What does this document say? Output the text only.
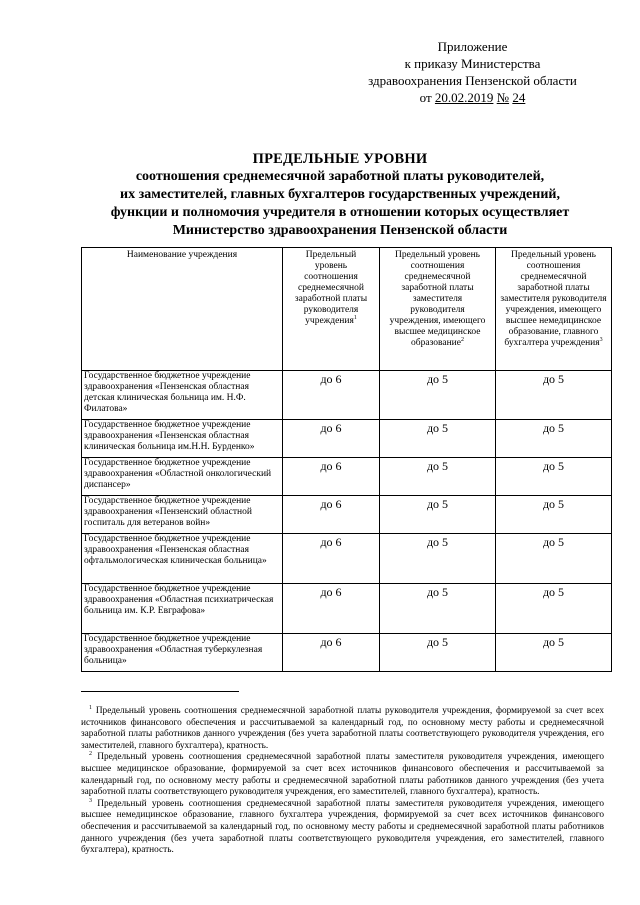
Приложение
к приказу Министерства
здравоохранения Пензенской области
от 20.02.2019 № 24
ПРЕДЕЛЬНЫЕ УРОВНИ
соотношения среднемесячной заработной платы руководителей,
их заместителей, главных бухгалтеров государственных учреждений,
функции и полномочия учредителя в отношении которых осуществляет
Министерство здравоохранения Пензенской области
Наименование учреждения	Предельный уровень соотношения среднемесячной заработной платы руководителя учреждения$^1$	Предельный уровень соотношения среднемесячной заработной платы заместителя руководителя учреждения, имеющего высшее медицинское образование$^2$	Предельный уровень соотношения среднемесячной заработной платы заместителя руководителя учреждения, имеющего высшее немедицинское образование, главного бухгалтера учреждения$^3$
Государственное бюджетное учреждение здравоохранения «Пензенская областная детская клиническая больница им. Н.Ф. Филатова»	до 6	до 5	до 5
Государственное бюджетное учреждение здравоохранения «Пензенская областная клиническая больница им.Н.Н. Бурденко»	до 6	до 5	до 5
Государственное бюджетное учреждение здравоохранения «Областной онкологический диспансер»	до 6	до 5	до 5
Государственное бюджетное учреждение здравоохранения «Пензенский областной госпиталь для ветеранов войн»	до 6	до 5	до 5
Государственное бюджетное учреждение здравоохранения «Пензенская областная офтальмологическая клиническая больница»	до 6	до 5	до 5
Государственное бюджетное учреждение здравоохранения «Областная психиатрическая больница им. К.Р. Евграфова»	до 6	до 5	до 5
Государственное бюджетное учреждение здравоохранения «Областная туберкулезная больница»	до 6	до 5	до 5

$^1$ Предельный уровень соотношения среднемесячной заработной платы руководителя учреждения, формируемой за счет всех источников финансового обеспечения и рассчитываемой за календарный год, по основному месту работы и среднемесячной заработной платы работников данного учреждения (без учета заработной платы соответствующего руководителя учреждения, его заместителей, главного бухгалтера), кратность.

$^2$ Предельный уровень соотношения среднемесячной заработной платы заместителя руководителя учреждения, имеющего высшее медицинское образование, формируемой за счет всех источников финансового обеспечения и рассчитываемой за календарный год, по основному месту работы и среднемесячной заработной платы работников данного учреждения (без учета заработной платы соответствующего руководителя учреждения, его заместителей, главного бухгалтера), кратность.

$^3$ Предельный уровень соотношения среднемесячной заработной платы заместителя руководителя учреждения, имеющего высшее немедицинское образование, главного бухгалтера учреждения, формируемой за счет всех источников финансового обеспечения и рассчитываемой за календарный год, по основному месту работы и среднемесячной заработной платы работников данного учреждения (без учета заработной платы соответствующего руководителя учреждения, его заместителей, главного бухгалтера), кратность.
